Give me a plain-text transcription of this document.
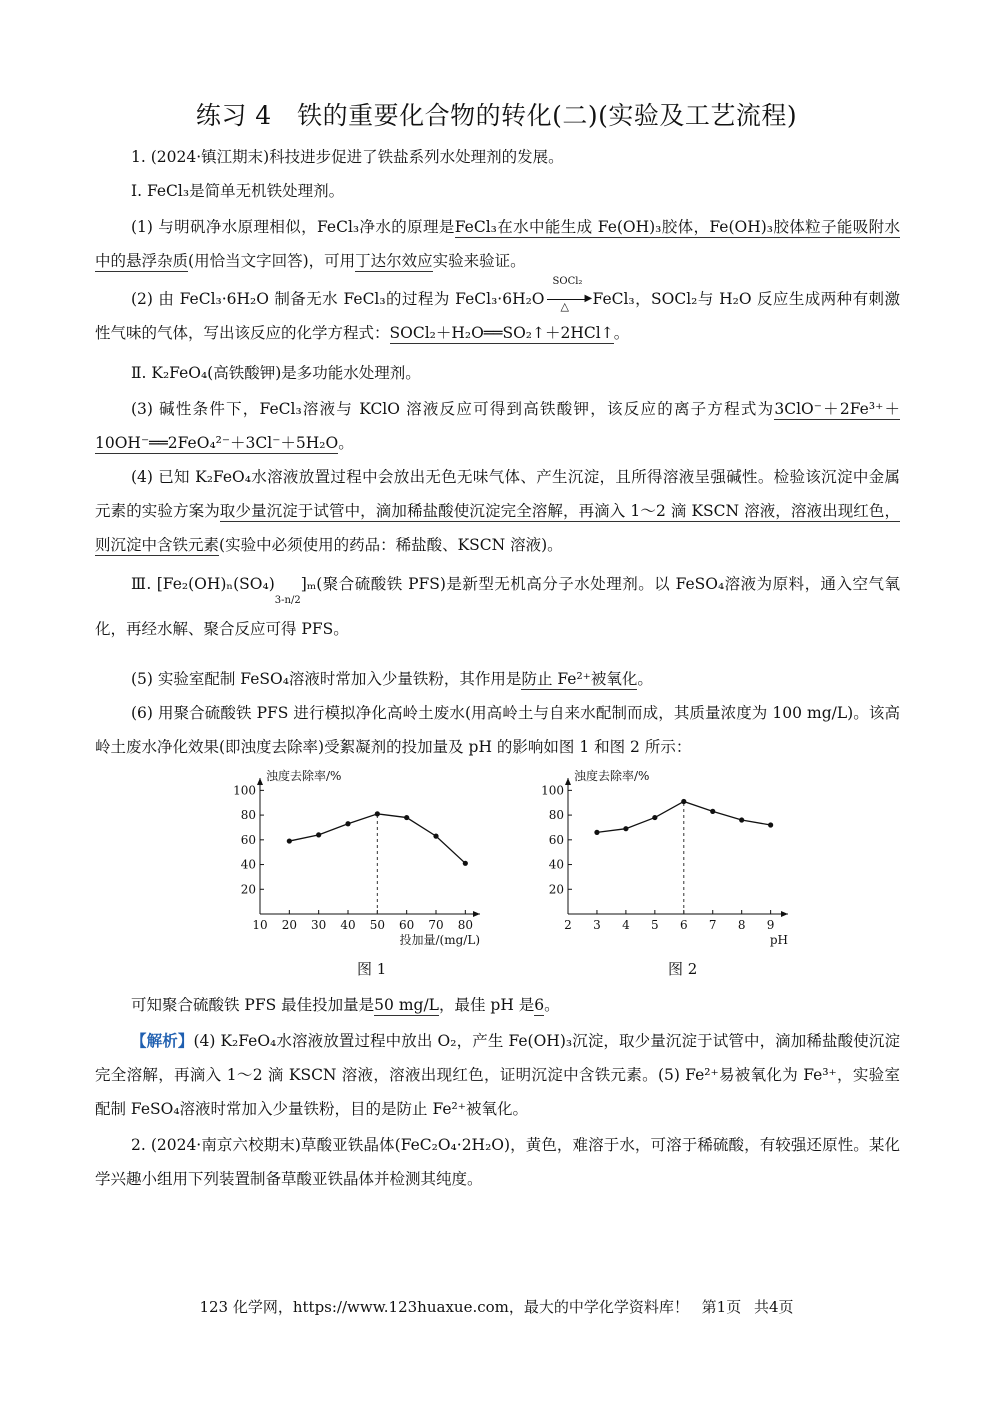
练习 4　铁的重要化合物的转化(二)(实验及工艺流程)
1. (2024·镇江期末)科技进步促进了铁盐系列水处理剂的发展。
Ⅰ. FeCl₃是简单无机铁处理剂。
(1) 与明矾净水原理相似，FeCl₃净水的原理是FeCl₃在水中能生成 Fe(OH)₃胶体，Fe(OH)₃胶体粒子能吸附水中的悬浮杂质(用恰当文字回答)，可用丁达尔效应实验来验证。
(2) 由 FeCl₃·6H₂O 制备无水 FeCl₃的过程为 FeCl₃·6H₂O
SOCl₂
▶
△ FeCl₃，SOCl₂与 H₂O 反应生成两种有刺激性气味的气体，写出该反应的化学方程式：SOCl₂＋H₂O══SO₂↑＋2HCl↑。
Ⅱ. K₂FeO₄(高铁酸钾)是多功能水处理剂。
(3) 碱性条件下，FeCl₃溶液与 KClO 溶液反应可得到高铁酸钾，该反应的离子方程式为3ClO⁻＋2Fe³⁺＋10OH⁻══2FeO₄²⁻＋3Cl⁻＋5H₂O。
(4) 已知 K₂FeO₄水溶液放置过程中会放出无色无味气体、产生沉淀，且所得溶液呈强碱性。检验该沉淀中金属元素的实验方案为取少量沉淀于试管中，滴加稀盐酸使沉淀完全溶解，再滴入 1～2 滴 KSCN 溶液，溶液出现红色，则沉淀中含铁元素(实验中必须使用的药品：稀盐酸、KSCN 溶液)。
Ⅲ. [Fe₂(OH)ₙ(SO₄)3-n/2]ₘ(聚合硫酸铁 PFS)是新型无机高分子水处理剂。以 FeSO₄溶液为原料，通入空气氧化，再经水解、聚合反应可得 PFS。
(5) 实验室配制 FeSO₄溶液时常加入少量铁粉，其作用是防止 Fe²⁺被氧化。
(6) 用聚合硫酸铁 PFS 进行模拟净化高岭土废水(用高岭土与自来水配制而成，其质量浓度为 100 mg/L)。该高岭土废水净化效果(即浊度去除率)受絮凝剂的投加量及 pH 的影响如图 1 和图 2 所示：
浊度去除率/%
10 20 30 40 50 60 70 80
20
40
60
80
100
投加量/(mg/L)
浊度去除率/%
2 3 4 5 6 7 8 9
20
40
60
80
100
pH
图 1	图 2
可知聚合硫酸铁 PFS 最佳投加量是50 mg/L，最佳 pH 是6。
【解析】(4) K₂FeO₄水溶液放置过程中放出 O₂，产生 Fe(OH)₃沉淀，取少量沉淀于试管中，滴加稀盐酸使沉淀完全溶解，再滴入 1～2 滴 KSCN 溶液，溶液出现红色，证明沉淀中含铁元素。(5) Fe²⁺易被氧化为 Fe³⁺，实验室配制 FeSO₄溶液时常加入少量铁粉，目的是防止 Fe²⁺被氧化。
2. (2024·南京六校期末)草酸亚铁晶体(FeC₂O₄·2H₂O)，黄色，难溶于水，可溶于稀硫酸，有较强还原性。某化学兴趣小组用下列装置制备草酸亚铁晶体并检测其纯度。
123 化学网，https://www.123huaxue.com，最大的中学化学资料库！ 第1页 共4页
